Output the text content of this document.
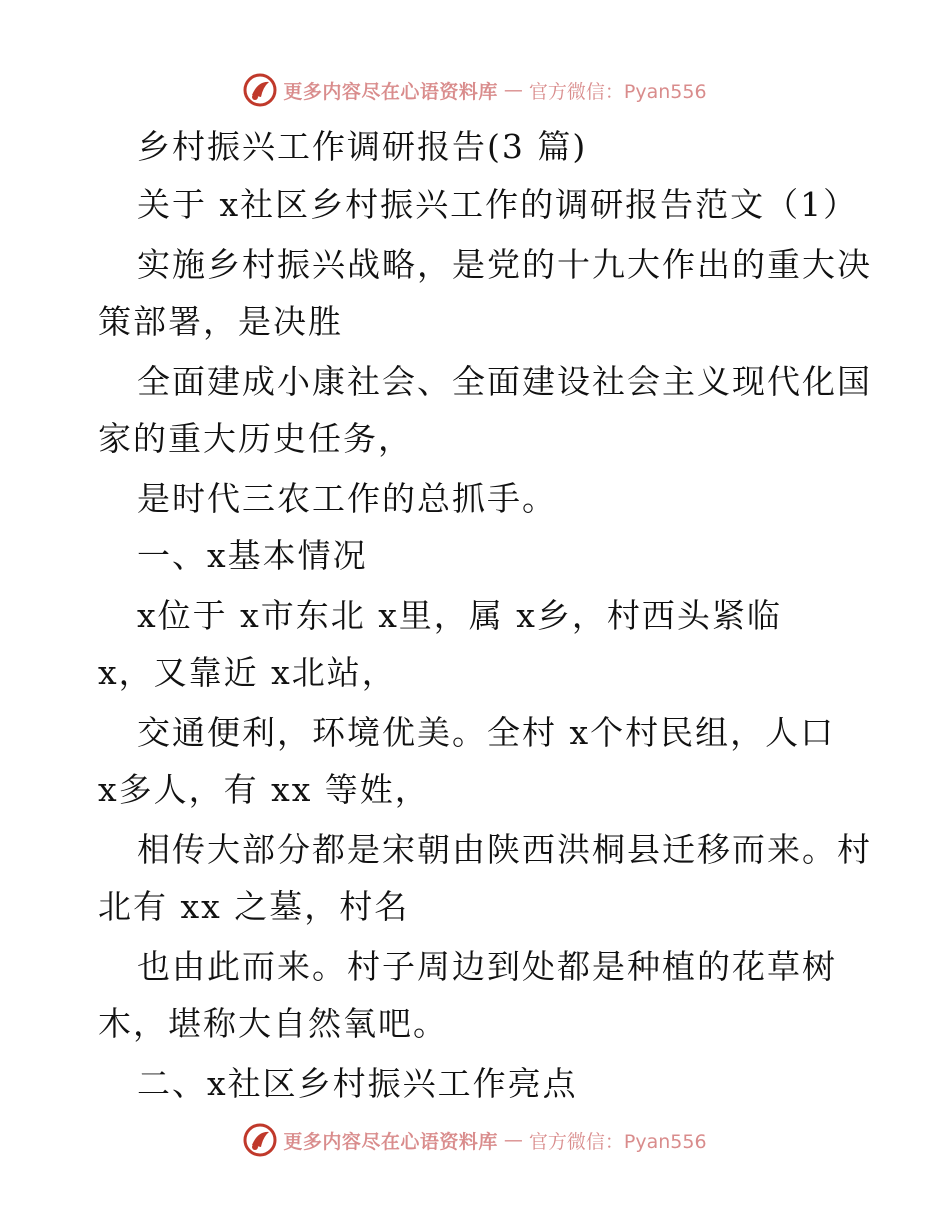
更多内容尽在心语资料库 — 官方微信：Pyan556
乡村振兴工作调研报告(3 篇)
关于 x社区乡村振兴工作的调研报告范文（1）
实施乡村振兴战略，是党的十九大作出的重大决
策部署，是决胜
全面建成小康社会、全面建设社会主义现代化国
家的重大历史任务，
是时代三农工作的总抓手。
一、x基本情况
x位于 x市东北 x里，属 x乡，村西头紧临
x，又靠近 x北站，
交通便利，环境优美。全村 x个村民组，人口
x多人，有 xx 等姓，
相传大部分都是宋朝由陕西洪桐县迁移而来。村
北有 xx 之墓，村名
也由此而来。村子周边到处都是种植的花草树
木，堪称大自然氧吧。
二、x社区乡村振兴工作亮点
更多内容尽在心语资料库 — 官方微信：Pyan556
